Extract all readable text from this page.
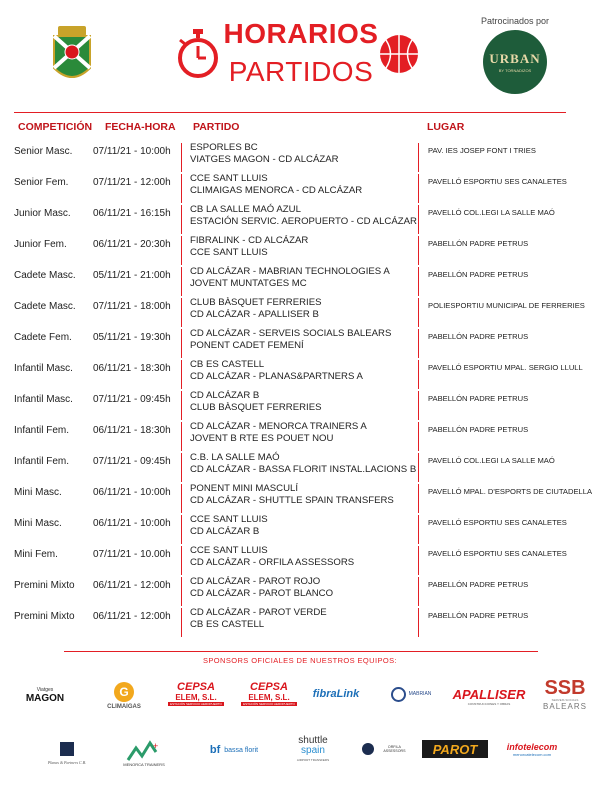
HORARIOS
PARTIDOS
Patrocinados por
URBAN
BY TORNADIZOS
COMPETICIÓN FECHA-HORA PARTIDO	LUGAR
Senior Masc.	07/11/21 - 10:00h	ESPORLES BC
VIATGES MAGON - CD ALCÁZAR
PAV. IES JOSEP FONT I TRIES
Senior Fem.	07/11/21 - 12:00h	CCE SANT LLUIS
CLIMAIGAS MENORCA - CD ALCÁZAR
PAVELLÓ ESPORTIU SES CANALETES
Junior Masc.	06/11/21 - 16:15h	CB LA SALLE MAÓ AZUL
ESTACIÓN SERVIC. AEROPUERTO - CD ALCÁZAR
PAVELLÓ COL.LEGI LA SALLE MAÓ
Junior Fem.	06/11/21 - 20:30h	FIBRALINK - CD ALCÁZAR
CCE SANT LLUIS
PABELLÓN PADRE PETRUS
Cadete Masc.	05/11/21 - 21:00h	CD ALCÁZAR - MABRIAN TECHNOLOGIES A
JOVENT MUNTATGES MC
PABELLÓN PADRE PETRUS
Cadete Masc.	07/11/21 - 18:00h	CLUB BÀSQUET FERRERIES
CD ALCÁZAR - APALLISER B
POLIESPORTIU MUNICIPAL DE FERRERIES
Cadete Fem.	05/11/21 - 19:30h	CD ALCÁZAR - SERVEIS SOCIALS BALEARS
PONENT CADET FEMENÍ
PABELLÓN PADRE PETRUS
Infantil Masc.	06/11/21 - 18:30h	CB ES CASTELL
CD ALCÁZAR - PLANAS&PARTNERS A
PAVELLÓ ESPORTIU MPAL. SERGIO LLULL
Infantil Masc.	07/11/21 - 09:45h	CD ALCÁZAR B
CLUB BÀSQUET FERRERIES
PABELLÓN PADRE PETRUS
Infantil Fem.	06/11/21 - 18:30h	CD ALCÁZAR - MENORCA TRAINERS A
JOVENT B RTE ES POUET NOU
PABELLÓN PADRE PETRUS
Infantil Fem.	07/11/21 - 09:45h	C.B. LA SALLE MAÓ
CD ALCÁZAR - BASSA FLORIT INSTAL.LACIONS B
PAVELLÓ COL.LEGI LA SALLE MAÓ
Mini Masc.	06/11/21 - 10:00h	PONENT MINI MASCULÍ
CD ALCÁZAR - SHUTTLE SPAIN TRANSFERS
PAVELLÓ MPAL. D'ESPORTS DE CIUTADELLA
Mini Masc.	06/11/21 - 10:00h	CCE SANT LLUIS
CD ALCÁZAR B
PAVELLÓ ESPORTIU SES CANALETES
Mini Fem.	07/11/21 - 10.00h	CCE SANT LLUIS
CD ALCÁZAR - ORFILA ASSESSORS
PAVELLÓ ESPORTIU SES CANALETES
Premini Mixto	06/11/21 - 12:00h	CD ALCÁZAR - PAROT ROJO
CD ALCÁZAR - PAROT BLANCO
PABELLÓN PADRE PETRUS
Premini Mixto	06/11/21 - 12:00h	CD ALCÁZAR - PAROT VERDE
CB ES CASTELL
PABELLÓN PADRE PETRUS
SPONSORS OFICIALES DE NUESTROS EQUIPOS:
Viatges
MAGON	G
CLIMAIGAS
CEPSA
ELEM, S.L.
ESTACIÓN SERVICIO AEROPUERTO
CEPSA
ELEM, S.L.
ESTACIÓN SERVICIO AEROPUERTO
fibraLink	MABRIAN APALLISER
CONSTRUCCIONES Y OBRAS
SSB
SERVEIS SOCIALS
BALEARS
Planas & Partners C.B.
+
MENORCA TRAINERS
bf bassa florit
shuttle
spain
AIRPORT TRANSFERS
ORFILA ASSESSORS	PAROT	infotelecom
menorcatelecom.com
